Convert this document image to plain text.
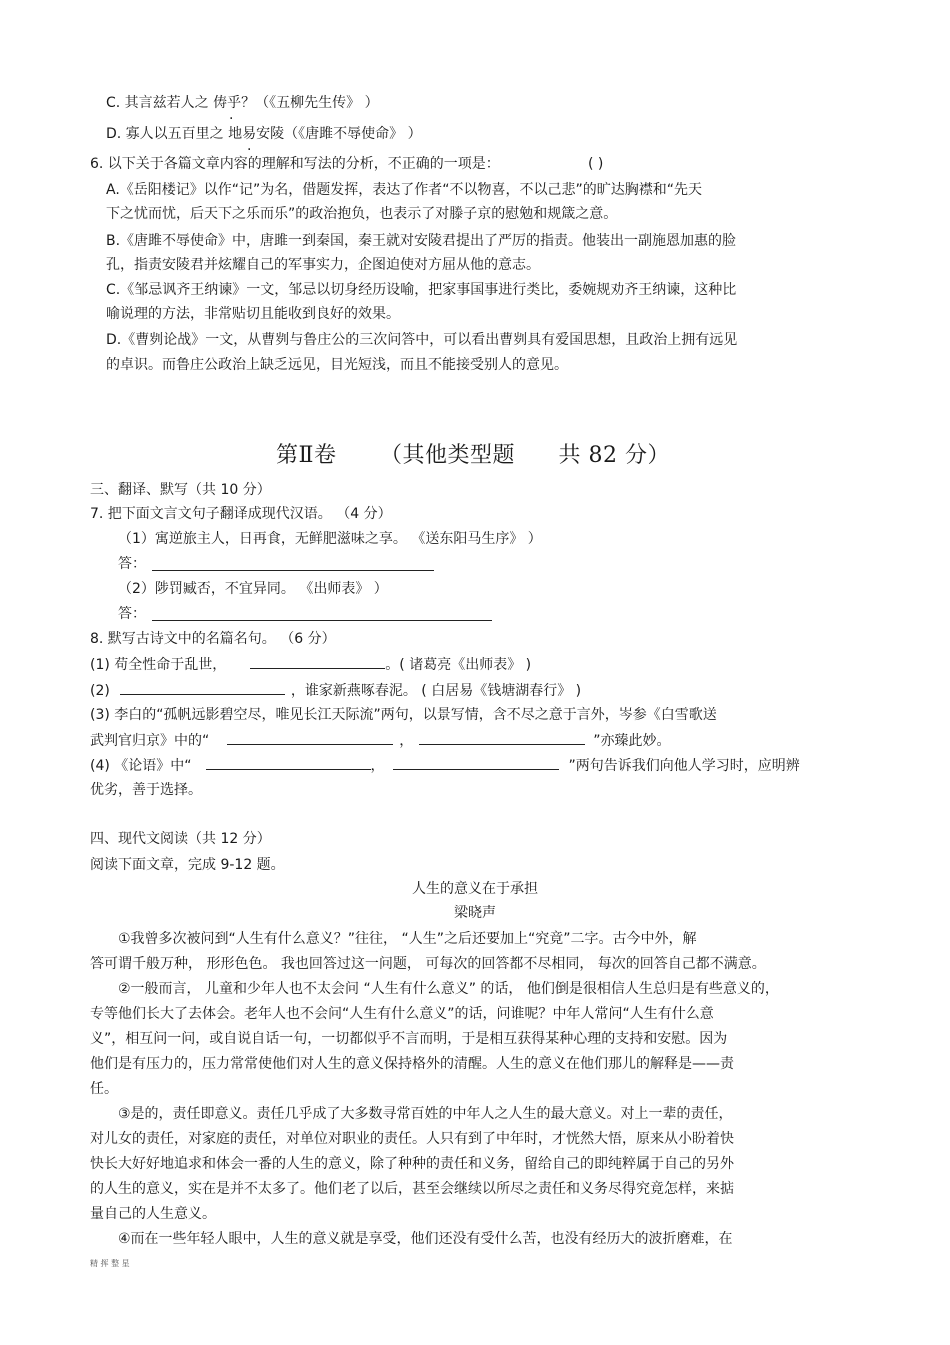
C. 其言兹若人之 俦乎？（《五柳先生传》 ）
D. 寡人以五百里之 地易安陵（《唐雎不辱使命》 ）
.
.
6. 以下关于各篇文章内容的理解和写法的分析，不正确的一项是：	( )
A.《岳阳楼记》以作“记”为名，借题发挥，表达了作者“不以物喜，不以己悲”的旷达胸襟和“先天
下之忧而忧，后天下之乐而乐”的政治抱负，也表示了对滕子京的慰勉和规箴之意。
B.《唐雎不辱使命》中，唐雎一到秦国，秦王就对安陵君提出了严厉的指责。他装出一副施恩加惠的脸
孔，指责安陵君并炫耀自己的军事实力，企图迫使对方屈从他的意志。
C.《邹忌讽齐王纳谏》一文，邹忌以切身经历设喻，把家事国事进行类比，委婉规劝齐王纳谏，这种比
喻说理的方法，非常贴切且能收到良好的效果。
D.《曹刿论战》一文，从曹刿与鲁庄公的三次问答中，可以看出曹刿具有爱国思想，且政治上拥有远见
的卓识。而鲁庄公政治上缺乏远见，目光短浅，而且不能接受别人的意见。
第Ⅱ卷 （其他类型题 共 82 分）
三、翻译、默写（共 10 分）
7. 把下面文言文句子翻译成现代汉语。 （4 分）
（1）寓逆旅主人，日再食，无鲜肥滋味之享。 《送东阳马生序》 ）
答：
（2）陟罚臧否，不宜异同。 《出师表》 ）
答：
8. 默写古诗文中的名篇名句。 （6 分）
(1) 苟全性命于乱世，	。( 诸葛亮《出师表》 )
(2)	，谁家新燕啄春泥。 ( 白居易《钱塘湖春行》 )
(3) 李白的“孤帆远影碧空尽，唯见长江天际流”两句，以景写情，含不尽之意于言外，岑参《白雪歌送
武判官归京》中的“	，	”亦臻此妙。
(4) 《论语》中“	，	”两句告诉我们向他人学习时，应明辨
优劣，善于选择。
四、现代文阅读（共 12 分）
阅读下面文章，完成 9-12 题。
人生的意义在于承担
梁晓声
①我曾多次被问到“人生有什么意义？”往往， “人生”之后还要加上“究竟”二字。古今中外，解
答可谓千般万种， 形形色色。 我也回答过这一问题， 可每次的回答都不尽相同， 每次的回答自己都不满意。
②一般而言， 儿童和少年人也不太会问 “人生有什么意义” 的话， 他们倒是很相信人生总归是有些意义的，
专等他们长大了去体会。老年人也不会问“人生有什么意义”的话，问谁呢？中年人常问“人生有什么意
义”，相互问一问，或自说自话一句，一切都似乎不言而明，于是相互获得某种心理的支持和安慰。因为
他们是有压力的，压力常常使他们对人生的意义保持格外的清醒。人生的意义在他们那儿的解释是——责
任。
③是的，责任即意义。责任几乎成了大多数寻常百姓的中年人之人生的最大意义。对上一辈的责任，
对儿女的责任，对家庭的责任，对单位对职业的责任。人只有到了中年时，才恍然大悟，原来从小盼着快
快长大好好地追求和体会一番的人生的意义，除了种种的责任和义务，留给自己的即纯粹属于自己的另外
的人生的意义，实在是并不太多了。他们老了以后，甚至会继续以所尽之责任和义务尽得究竟怎样，来掂
量自己的人生意义。
④而在一些年轻人眼中，人生的意义就是享受，他们还没有受什么苦，也没有经历大的波折磨难，在
精 挥 整 星
